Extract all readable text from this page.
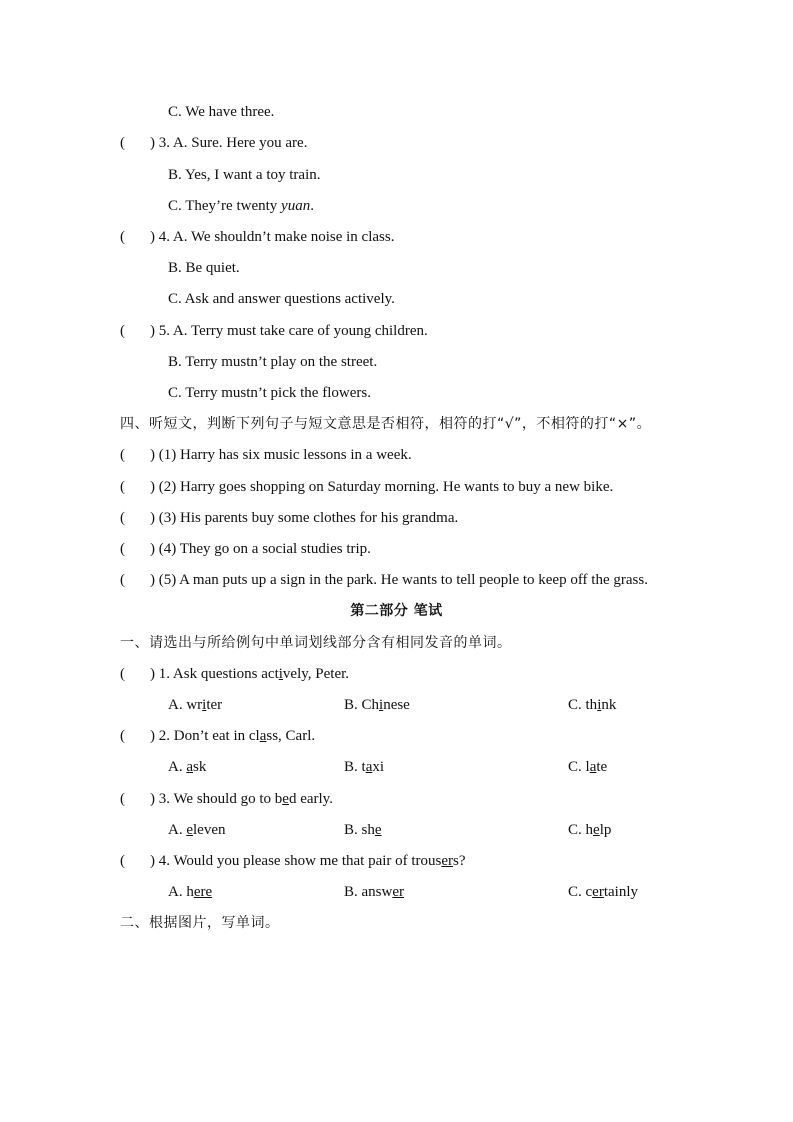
C. We have three.
( ) 3. A. Sure. Here you are.
B. Yes, I want a toy train.
C. They’re twenty yuan.
( ) 4. A. We shouldn’t make noise in class.
B. Be quiet.
C. Ask and answer questions actively.
( ) 5. A. Terry must take care of young children.
B. Terry mustn’t play on the street.
C. Terry mustn’t pick the flowers.
四、听短文，判断下列句子与短文意思是否相符，相符的打“√”，不相符的打“×”。
( ) (1) Harry has six music lessons in a week.
( ) (2) Harry goes shopping on Saturday morning. He wants to buy a new bike.
( ) (3) His parents buy some clothes for his grandma.
( ) (4) They go on a social studies trip.
( ) (5) A man puts up a sign in the park. He wants to tell people to keep off the grass.
第二部分 笔试
一、请选出与所给例句中单词划线部分含有相同发音的单词。
( ) 1. Ask questions actively, Peter.
A. writer	B. Chinese	C. think
( ) 2. Don’t eat in class, Carl.
A. ask	B. taxi	C. late
( ) 3. We should go to bed early.
A. eleven	B. she	C. help
( ) 4. Would you please show me that pair of trousers?
A. here	B. answer	C. certainly
二、根据图片，写单词。
